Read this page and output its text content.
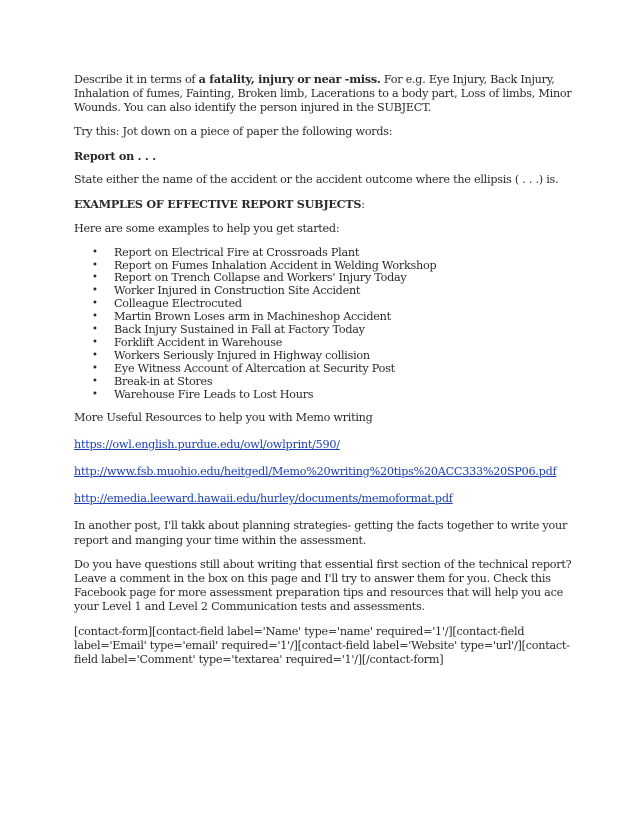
Describe it in terms of a fatality, injury or near -miss. For e.g. Eye Injury, Back Injury, Inhalation of fumes, Fainting, Broken limb, Lacerations to a body part, Loss of limbs, Minor Wounds. You can also identify the person injured in the SUBJECT.

Try this: Jot down on a piece of paper the following words:

Report on . . .

State either the name of the accident or the accident outcome where the ellipsis ( . . .) is.

EXAMPLES OF EFFECTIVE REPORT SUBJECTS:

Here are some examples to help you get started:

• Report on Electrical Fire at Crossroads Plant
• Report on Fumes Inhalation Accident in Welding Workshop
• Report on Trench Collapse and Workers' Injury Today
• Worker Injured in Construction Site Accident
• Colleague Electrocuted
• Martin Brown Loses arm in Machineshop Accident
• Back Injury Sustained in Fall at Factory Today
• Forklift Accident in Warehouse
• Workers Seriously Injured in Highway collision
• Eye Witness Account of Altercation at Security Post
• Break-in at Stores
• Warehouse Fire Leads to Lost Hours

More Useful Resources to help you with Memo writing

https://owl.english.purdue.edu/owl/owlprint/590/

http://www.fsb.muohio.edu/heitgedl/Memo%20writing%20tips%20ACC333%20SP06.pdf

http://emedia.leeward.hawaii.edu/hurley/documents/memoformat.pdf

In another post, I'll takk about planning strategies- getting the facts together to write your report and manging your time within the assessment.

Do you have questions still about writing that essential first section of the technical report? Leave a comment in the box on this page and I'll try to answer them for you. Check this Facebook page for more assessment preparation tips and resources that will help you ace your Level 1 and Level 2 Communication tests and assessments.

[contact-form][contact-field label='Name' type='name' required='1'/][contact-field label='Email' type='email' required='1'/][contact-field label='Website' type='url'/][contact-field label='Comment' type='textarea' required='1'/][/contact-form]
